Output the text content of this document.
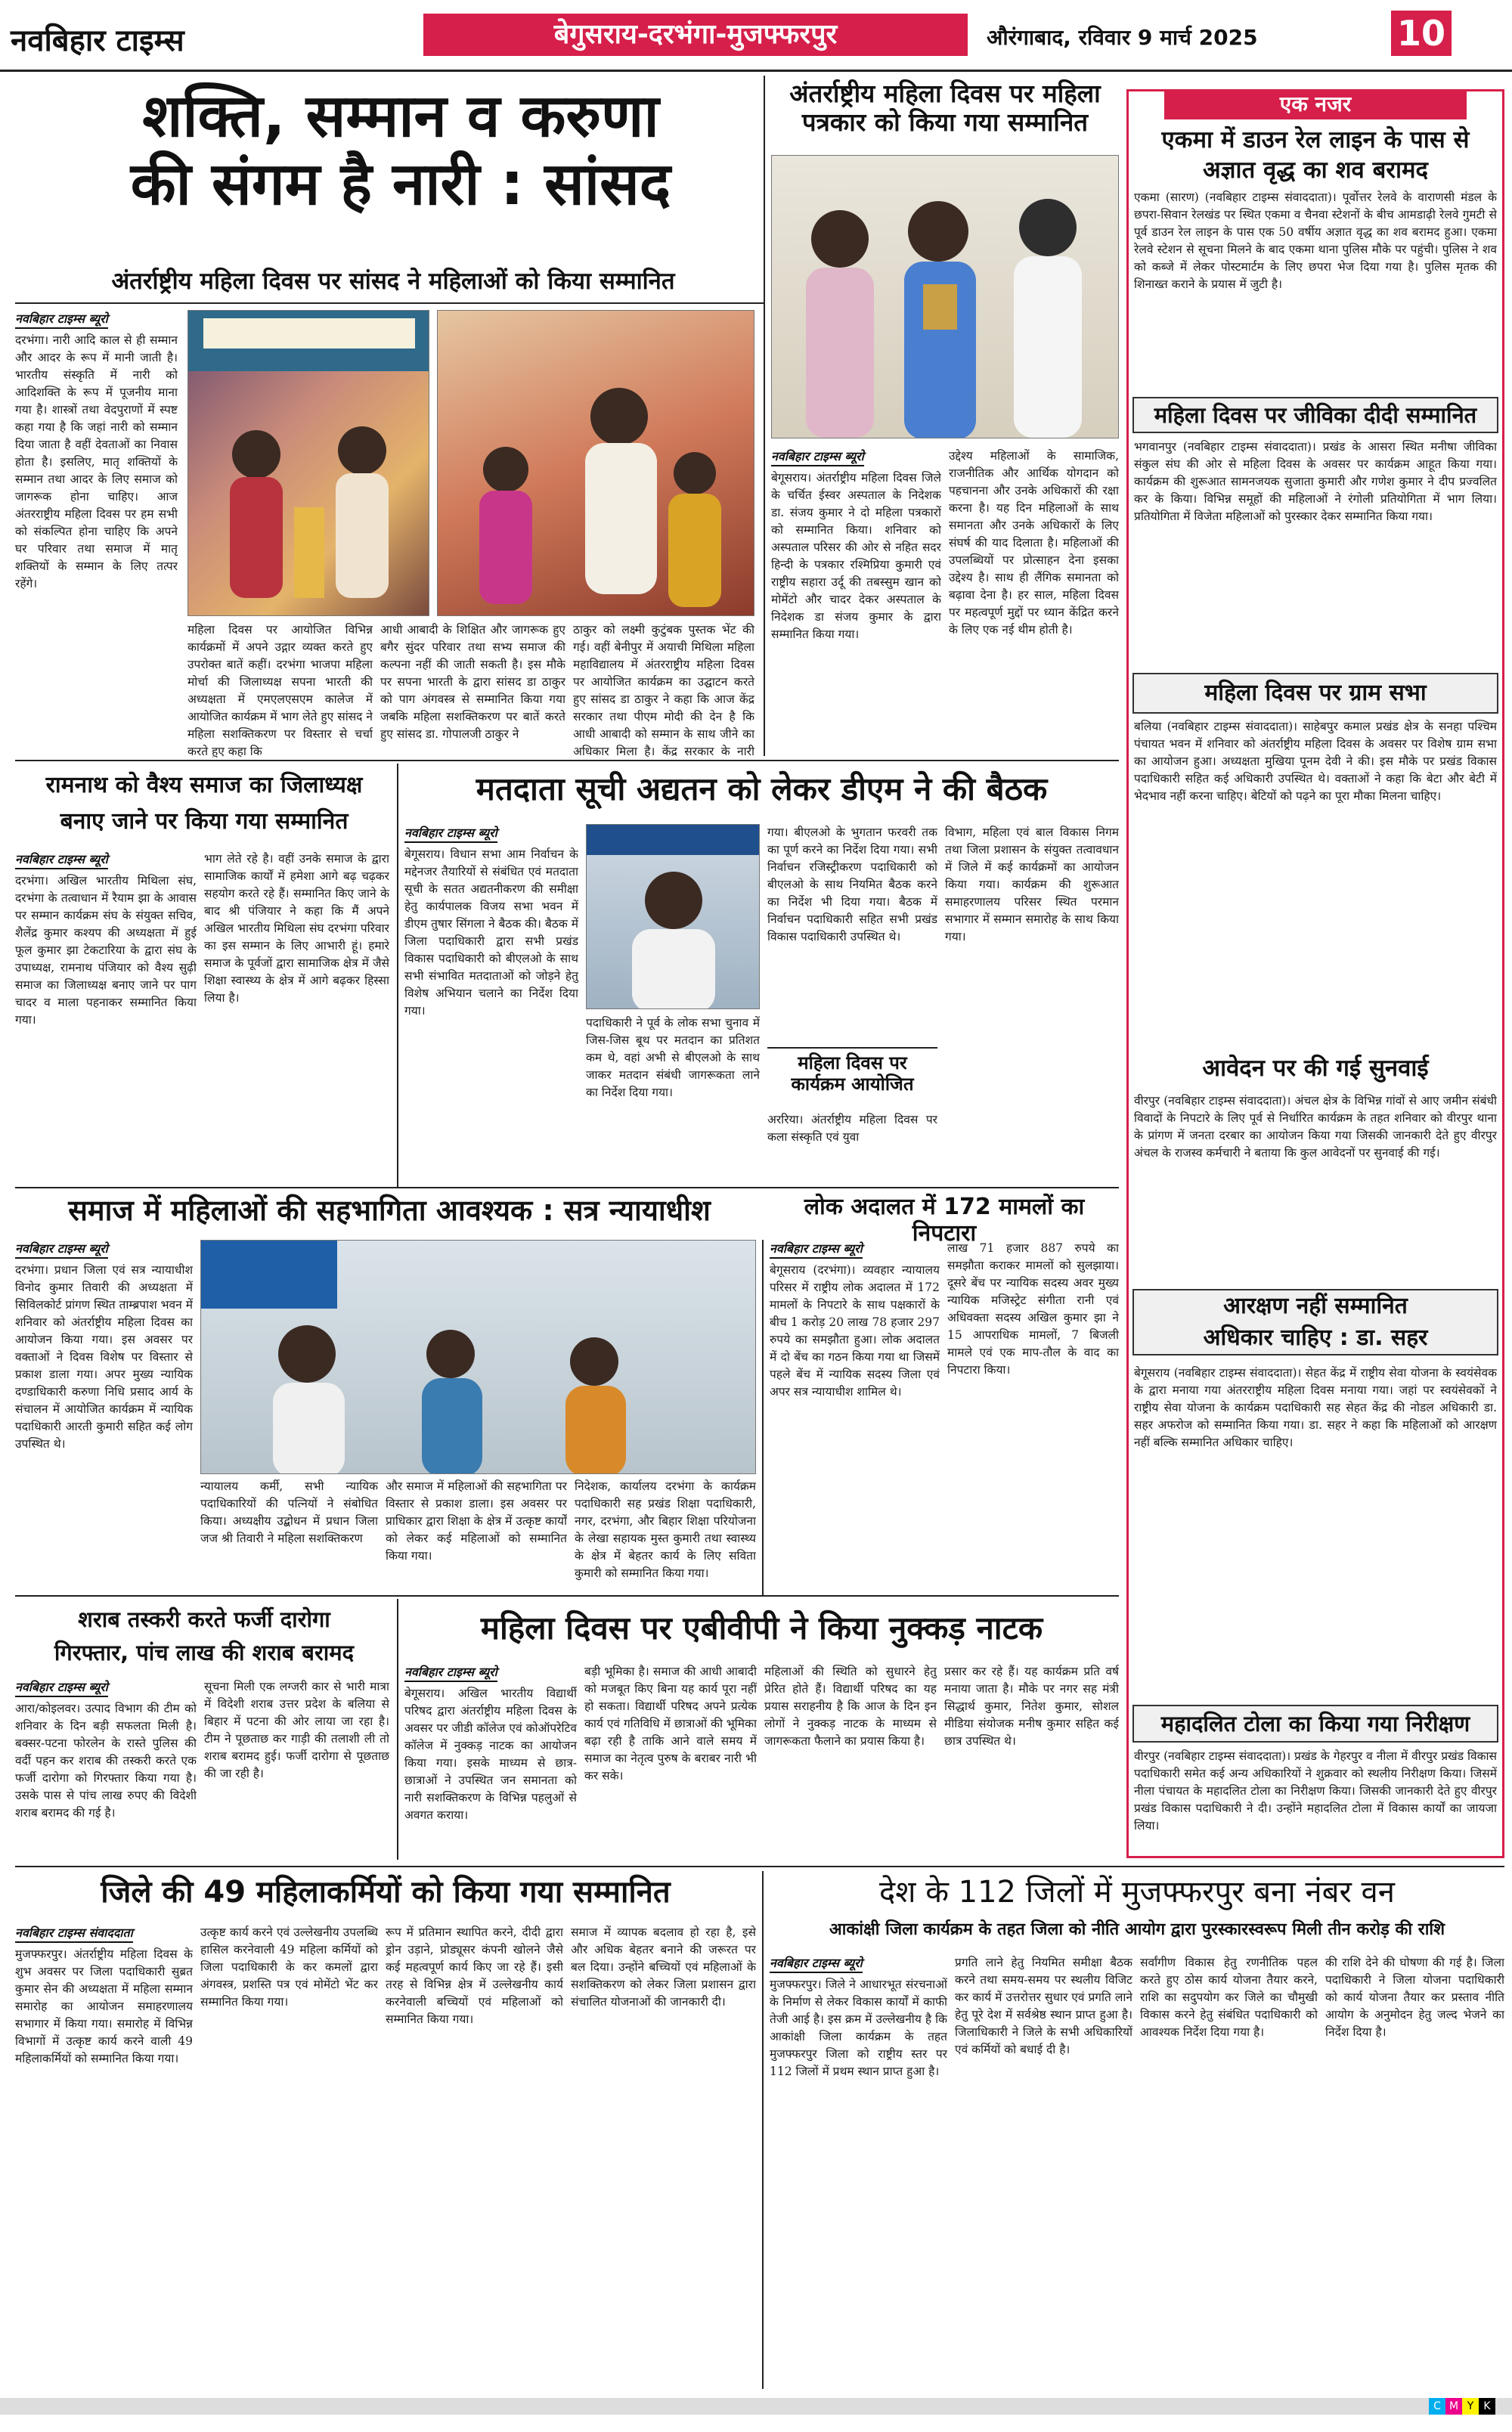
नवबिहार टाइम्स	बेगुसराय-दरभंगा-मुजफ्फरपुर	औरंगाबाद, रविवार 9 मार्च 2025	10
शक्ति, सम्मान व करुणा
की संगम है नारी : सांसद
अंतर्राष्ट्रीय महिला दिवस पर सांसद ने महिलाओं को किया सम्मानित
नवबिहार टाइम्स ब्यूरो
दरभंगा। नारी आदि काल से ही सम्मान और आदर के रूप में मानी जाती है। भारतीय संस्कृति में नारी को आदिशक्ति के रूप में पूजनीय माना गया है। शास्त्रों तथा वेदपुराणों में स्पष्ट कहा गया है कि जहां नारी को सम्मान दिया जाता है वहीं देवताओं का निवास होता है। इसलिए, मातृ शक्तियों के सम्मान तथा आदर के लिए समाज को जागरूक होना चाहिए। आज अंतरराष्ट्रीय महिला दिवस पर हम सभी को संकल्पित होना चाहिए कि अपने घर परिवार तथा समाज में मातृ शक्तियों के सम्मान के लिए तत्पर रहेंगे।
महिला दिवस पर आयोजित विभिन्न कार्यक्रमों में अपने उद्गार व्यक्त करते हुए उपरोक्त बातें कहीं। दरभंगा भाजपा महिला मोर्चा की जिलाध्यक्ष सपना भारती की अध्यक्षता में एमएलएसएम कालेज में आयोजित कार्यक्रम में भाग लेते हुए सांसद ने महिला सशक्तिकरण पर विस्तार से चर्चा करते हुए कहा कि
आधी आबादी के शिक्षित और जागरूक हुए बगैर सुंदर परिवार तथा सभ्य समाज की कल्पना नहीं की जाती सकती है। इस मौके पर सपना भारती के द्वारा सांसद डा ठाकुर को पाग अंगवस्त्र से सम्मानित किया गया जबकि महिला सशक्तिकरण पर बातें करते हुए सांसद डा. गोपालजी ठाकुर ने
ठाकुर को लक्ष्मी कुटुंबक पुस्तक भेंट की गई। वहीं बेनीपुर में अयाची मिथिला महिला महाविद्यालय में अंतरराष्ट्रीय महिला दिवस पर आयोजित कार्यक्रम का उद्घाटन करते हुए सांसद डा ठाकुर ने कहा कि आज केंद्र सरकार तथा पीएम मोदी की देन है कि आधी आबादी को सम्मान के साथ जीने का अधिकार मिला है। केंद्र सरकार के नारी
अंतर्राष्ट्रीय महिला दिवस पर महिला
पत्रकार को किया गया सम्मानित
नवबिहार टाइम्स ब्यूरो
बेगूसराय। अंतर्राष्ट्रीय महिला दिवस जिले के चर्चित ईस्वर अस्पताल के निदेशक डा. संजय कुमार ने दो महिला पत्रकारों को सम्मानित किया। शनिवार को अस्पताल परिसर की ओर से नहित सदर हिन्दी के पत्रकार रश्मिप्रिया कुमारी एवं राष्ट्रीय सहारा उर्दू की तबस्सुम खान को मोमेंटो और चादर देकर अस्पताल के निदेशक डा संजय कुमार के द्वारा सम्मानित किया गया।
उद्देश्य महिलाओं के सामाजिक, राजनीतिक और आर्थिक योगदान को पहचानना और उनके अधिकारों की रक्षा करना है। यह दिन महिलाओं के साथ समानता और उनके अधिकारों के लिए संघर्ष की याद दिलाता है। महिलाओं की उपलब्धियों पर प्रोत्साहन देना इसका उद्देश्य है। साथ ही लैंगिक समानता को बढ़ावा देना है। हर साल, महिला दिवस पर महत्वपूर्ण मुद्दों पर ध्यान केंद्रित करने के लिए एक नई थीम होती है।
एक नजर
एकमा में डाउन रेल लाइन के पास से अज्ञात वृद्ध का शव बरामद
एकमा (सारण) (नवबिहार टाइम्स संवाददाता)। पूर्वोत्तर रेलवे के वाराणसी मंडल के छपरा-सिवान रेलखंड पर स्थित एकमा व चैनवा स्टेशनों के बीच आमडाढ़ी रेलवे गुमटी से पूर्व डाउन रेल लाइन के पास एक 50 वर्षीय अज्ञात वृद्ध का शव बरामद हुआ। एकमा रेलवे स्टेशन से सूचना मिलने के बाद एकमा थाना पुलिस मौके पर पहुंची। पुलिस ने शव को कब्जे में लेकर पोस्टमार्टम के लिए छपरा भेज दिया गया है। पुलिस मृतक की शिनाख्त कराने के प्रयास में जुटी है।
महिला दिवस पर जीविका दीदी सम्मानित
भगवानपुर (नवबिहार टाइम्स संवाददाता)। प्रखंड के आसरा स्थित मनीषा जीविका संकुल संघ की ओर से महिला दिवस के अवसर पर कार्यक्रम आहूत किया गया। कार्यक्रम की शुरूआत सामनजयक सुजाता कुमारी और गणेश कुमार ने दीप प्रज्वलित कर के किया। विभिन्न समूहों की महिलाओं ने रंगोली प्रतियोगिता में भाग लिया। प्रतियोगिता में विजेता महिलाओं को पुरस्कार देकर सम्मानित किया गया।
महिला दिवस पर ग्राम सभा
बलिया (नवबिहार टाइम्स संवाददाता)। साहेबपुर कमाल प्रखंड क्षेत्र के सनहा पश्चिम पंचायत भवन में शनिवार को अंतर्राष्ट्रीय महिला दिवस के अवसर पर विशेष ग्राम सभा का आयोजन हुआ। अध्यक्षता मुखिया पूनम देवी ने की। इस मौके पर प्रखंड विकास पदाधिकारी सहित कई अधिकारी उपस्थित थे। वक्ताओं ने कहा कि बेटा और बेटी में भेदभाव नहीं करना चाहिए। बेटियों को पढ़ने का पूरा मौका मिलना चाहिए।
आवेदन पर की गई सुनवाई
वीरपुर (नवबिहार टाइम्स संवाददाता)। अंचल क्षेत्र के विभिन्न गांवों से आए जमीन संबंधी विवादों के निपटारे के लिए पूर्व से निर्धारित कार्यक्रम के तहत शनिवार को वीरपुर थाना के प्रांगण में जनता दरबार का आयोजन किया गया जिसकी जानकारी देते हुए वीरपुर अंचल के राजस्व कर्मचारी ने बताया कि कुल आवेदनों पर सुनवाई की गई।
आरक्षण नहीं सम्मानित
अधिकार चाहिए : डा. सहर
बेगूसराय (नवबिहार टाइम्स संवाददाता)। सेहत केंद्र में राष्ट्रीय सेवा योजना के स्वयंसेवक के द्वारा मनाया गया अंतरराष्ट्रीय महिला दिवस मनाया गया। जहां पर स्वयंसेवकों ने राष्ट्रीय सेवा योजना के कार्यक्रम पदाधिकारी सह सेहत केंद्र की नोडल अधिकारी डा. सहर अफरोज को सम्मानित किया गया। डा. सहर ने कहा कि महिलाओं को आरक्षण नहीं बल्कि सम्मानित अधिकार चाहिए।
महादलित टोला का किया गया निरीक्षण
वीरपुर (नवबिहार टाइम्स संवाददाता)। प्रखंड के गेहरपुर व नीला में वीरपुर प्रखंड विकास पदाधिकारी समेत कई अन्य अधिकारियों ने शुक्रवार को स्थलीय निरीक्षण किया। जिसमें नीला पंचायत के महादलित टोला का निरीक्षण किया। जिसकी जानकारी देते हुए वीरपुर प्रखंड विकास पदाधिकारी ने दी। उन्होंने महादलित टोला में विकास कार्यों का जायजा लिया।
रामनाथ को वैश्य समाज का जिलाध्यक्ष
बनाए जाने पर किया गया सम्मानित
नवबिहार टाइम्स ब्यूरो
दरभंगा। अखिल भारतीय मिथिला संघ, दरभंगा के तत्वाधान में रैयाम झा के आवास पर सम्मान कार्यक्रम संघ के संयुक्त सचिव, शैलेंद्र कुमार कश्यप की अध्यक्षता में हुई फूल कुमार झा टेकटारिया के द्वारा संघ के उपाध्यक्ष, रामनाथ पंजियार को वैश्य सुढ़ी समाज का जिलाध्यक्ष बनाए जाने पर पाग चादर व माला पहनाकर सम्मानित किया गया।
भाग लेते रहे है। वहीं उनके समाज के द्वारा सामाजिक कार्यों में हमेशा आगे बढ़ चढ़कर सहयोग करते रहे हैं। सम्मानित किए जाने के बाद श्री पंजियार ने कहा कि मैं अपने अखिल भारतीय मिथिला संघ दरभंगा परिवार का इस सम्मान के लिए आभारी हूं। हमारे समाज के पूर्वजों द्वारा सामाजिक क्षेत्र में जैसे शिक्षा स्वास्थ्य के क्षेत्र में आगे बढ़कर हिस्सा लिया है।
मतदाता सूची अद्यतन को लेकर डीएम ने की बैठक
नवबिहार टाइम्स ब्यूरो
बेगूसराय। विधान सभा आम निर्वाचन के मद्देनजर तैयारियों से संबंधित एवं मतदाता सूची के सतत अद्यतनीकरण की समीक्षा हेतु कार्यपालक विजय सभा भवन में डीएम तुषार सिंगला ने बैठक की। बैठक में जिला पदाधिकारी द्वारा सभी प्रखंड विकास पदाधिकारी को बीएलओ के साथ सभी संभावित मतदाताओं को जोड़ने हेतु विशेष अभियान चलाने का निर्देश दिया गया।
पदाधिकारी ने पूर्व के लोक सभा चुनाव में जिस-जिस बूथ पर मतदान का प्रतिशत कम थे, वहां अभी से बीएलओ के साथ जाकर मतदान संबंधी जागरूकता लाने का निर्देश दिया गया।
गया। बीएलओ के भुगतान फरवरी तक का पूर्ण करने का निर्देश दिया गया। सभी निर्वाचन रजिस्ट्रीकरण पदाधिकारी को बीएलओ के साथ नियमित बैठक करने का निर्देश भी दिया गया। बैठक में निर्वाचन पदाधिकारी सहित सभी प्रखंड विकास पदाधिकारी उपस्थित थे।
विभाग, महिला एवं बाल विकास निगम तथा जिला प्रशासन के संयुक्त तत्वावधान में जिले में कई कार्यक्रमों का आयोजन किया गया। कार्यक्रम की शुरूआत समाहरणालय परिसर स्थित परमान सभागार में सम्मान समारोह के साथ किया गया।
महिला दिवस पर
कार्यक्रम आयोजित
अररिया। अंतर्राष्ट्रीय महिला दिवस पर कला संस्कृति एवं युवा
समाज में महिलाओं की सहभागिता आवश्यक : सत्र न्यायाधीश
नवबिहार टाइम्स ब्यूरो
दरभंगा। प्रधान जिला एवं सत्र न्यायाधीश विनोद कुमार तिवारी की अध्यक्षता में सिविलकोर्ट प्रांगण स्थित ताम्ब्रपाश भवन में शनिवार को अंतर्राष्ट्रीय महिला दिवस का आयोजन किया गया। इस अवसर पर वक्ताओं ने दिवस विशेष पर विस्तार से प्रकाश डाला गया। अपर मुख्य न्यायिक दण्डाधिकारी करुणा निधि प्रसाद आर्य के संचालन में आयोजित कार्यक्रम में न्यायिक पदाधिकारी आरती कुमारी सहित कई लोग उपस्थित थे।
न्यायालय कर्मी, सभी न्यायिक पदाधिकारियों की पत्नियों ने संबोधित किया। अध्यक्षीय उद्बोधन में प्रधान जिला जज श्री तिवारी ने महिला सशक्तिकरण
और समाज में महिलाओं की सहभागिता पर विस्तार से प्रकाश डाला। इस अवसर पर प्राधिकार द्वारा शिक्षा के क्षेत्र में उत्कृष्ट कार्यों को लेकर कई महिलाओं को सम्मानित किया गया।
निदेशक, कार्यालय दरभंगा के कार्यक्रम पदाधिकारी सह प्रखंड शिक्षा पदाधिकारी, नगर, दरभंगा, और बिहार शिक्षा परियोजना के लेखा सहायक मुस्त कुमारी तथा स्वास्थ्य के क्षेत्र में बेहतर कार्य के लिए सविता कुमारी को सम्मानित किया गया।
लोक अदालत में 172 मामलों का निपटारा
नवबिहार टाइम्स ब्यूरो
बेगूसराय (दरभंगा)। व्यवहार न्यायालय परिसर में राष्ट्रीय लोक अदालत में 172 मामलों के निपटारे के साथ पक्षकारों के बीच 1 करोड़ 20 लाख 78 हजार 297 रुपये का समझौता हुआ। लोक अदालत में दो बेंच का गठन किया गया था जिसमें पहले बेंच में न्यायिक सदस्य जिला एवं अपर सत्र न्यायाधीश शामिल थे।
लाख 71 हजार 887 रुपये का समझौता कराकर मामलों को सुलझाया। दूसरे बेंच पर न्यायिक सदस्य अवर मुख्य न्यायिक मजिस्ट्रेट संगीता रानी एवं अधिवक्ता सदस्य अखिल कुमार झा ने 15 आपराधिक मामलों, 7 बिजली मामले एवं एक माप-तौल के वाद का निपटारा किया।
शराब तस्करी करते फर्जी दारोगा
गिरफ्तार, पांच लाख की शराब बरामद
नवबिहार टाइम्स ब्यूरो
आरा/कोइलवर। उत्पाद विभाग की टीम को शनिवार के दिन बड़ी सफलता मिली है। बक्सर-पटना फोरलेन के रास्ते पुलिस की वर्दी पहन कर शराब की तस्करी करते एक फर्जी दारोगा को गिरफ्तार किया गया है। उसके पास से पांच लाख रुपए की विदेशी शराब बरामद की गई है।
सूचना मिली एक लग्जरी कार से भारी मात्रा में विदेशी शराब उत्तर प्रदेश के बलिया से बिहार में पटना की ओर लाया जा रहा है। टीम ने पूछताछ कर गाड़ी की तलाशी ली तो शराब बरामद हुई। फर्जी दारोगा से पूछताछ की जा रही है।
महिला दिवस पर एबीवीपी ने किया नुक्कड़ नाटक
नवबिहार टाइम्स ब्यूरो
बेगूसराय। अखिल भारतीय विद्यार्थी परिषद द्वारा अंतर्राष्ट्रीय महिला दिवस के अवसर पर जीडी कॉलेज एवं कोऑपरेटिव कॉलेज में नुक्कड़ नाटक का आयोजन किया गया। इसके माध्यम से छात्र-छात्राओं ने उपस्थित जन समानता को नारी सशक्तिकरण के विभिन्न पहलुओं से अवगत कराया।
बड़ी भूमिका है। समाज की आधी आबादी को मजबूत किए बिना यह कार्य पूरा नहीं हो सकता। विद्यार्थी परिषद अपने प्रत्येक कार्य एवं गतिविधि में छात्राओं की भूमिका बढ़ा रही है ताकि आने वाले समय में समाज का नेतृत्व पुरुष के बराबर नारी भी कर सके।
महिलाओं की स्थिति को सुधारने हेतु प्रेरित होते हैं। विद्यार्थी परिषद का यह प्रयास सराहनीय है कि आज के दिन इन लोगों ने नुक्कड़ नाटक के माध्यम से जागरूकता फैलाने का प्रयास किया है।
प्रसार कर रहे हैं। यह कार्यक्रम प्रति वर्ष मनाया जाता है। मौके पर नगर सह मंत्री सिद्धार्थ कुमार, नितेश कुमार, सोशल मीडिया संयोजक मनीष कुमार सहित कई छात्र उपस्थित थे।
जिले की 49 महिलाकर्मियों को किया गया सम्मानित
नवबिहार टाइम्स संवाददाता
मुजफ्फरपुर। अंतर्राष्ट्रीय महिला दिवस के शुभ अवसर पर जिला पदाधिकारी सुब्रत कुमार सेन की अध्यक्षता में महिला सम्मान समारोह का आयोजन समाहरणालय सभागार में किया गया। समारोह में विभिन्न विभागों में उत्कृष्ट कार्य करने वाली 49 महिलाकर्मियों को सम्मानित किया गया।
उत्कृष्ट कार्य करने एवं उल्लेखनीय उपलब्धि हासिल करनेवाली 49 महिला कर्मियों को जिला पदाधिकारी के कर कमलों द्वारा अंगवस्त्र, प्रशस्ति पत्र एवं मोमेंटो भेंट कर सम्मानित किया गया।
रूप में प्रतिमान स्थापित करने, दीदी द्वारा ड्रोन उड़ाने, प्रोड्यूसर कंपनी खोलने जैसे कई महत्वपूर्ण कार्य किए जा रहे हैं। इसी तरह से विभिन्न क्षेत्र में उल्लेखनीय कार्य करनेवाली बच्चियों एवं महिलाओं को सम्मानित किया गया।
समाज में व्यापक बदलाव हो रहा है, इसे और अधिक बेहतर बनाने की जरूरत पर बल दिया। उन्होंने बच्चियों एवं महिलाओं के सशक्तिकरण को लेकर जिला प्रशासन द्वारा संचालित योजनाओं की जानकारी दी।
देश के 112 जिलों में मुजफ्फरपुर बना नंबर वन
आकांक्षी जिला कार्यक्रम के तहत जिला को नीति आयोग द्वारा पुरस्कारस्वरूप मिली तीन करोड़ की राशि
नवबिहार टाइम्स ब्यूरो
मुजफ्फरपुर। जिले ने आधारभूत संरचनाओं के निर्माण से लेकर विकास कार्यों में काफी तेजी आई है। इस क्रम में उल्लेखनीय है कि आकांक्षी जिला कार्यक्रम के तहत मुजफ्फरपुर जिला को राष्ट्रीय स्तर पर 112 जिलों में प्रथम स्थान प्राप्त हुआ है।
प्रगति लाने हेतु नियमित समीक्षा बैठक करने तथा समय-समय पर स्थलीय विजिट कर कार्य में उत्तरोत्तर सुधार एवं प्रगति लाने हेतु पूरे देश में सर्वश्रेष्ठ स्थान प्राप्त हुआ है। जिलाधिकारी ने जिले के सभी अधिकारियों एवं कर्मियों को बधाई दी है।
सर्वांगीण विकास हेतु रणनीतिक पहल करते हुए ठोस कार्य योजना तैयार करने, राशि का सदुपयोग कर जिले का चौमुखी विकास करने हेतु संबंधित पदाधिकारी को आवश्यक निर्देश दिया गया है।
की राशि देने की घोषणा की गई है। जिला पदाधिकारी ने जिला योजना पदाधिकारी को कार्य योजना तैयार कर प्रस्ताव नीति आयोग के अनुमोदन हेतु जल्द भेजने का निर्देश दिया है।
C M Y K
